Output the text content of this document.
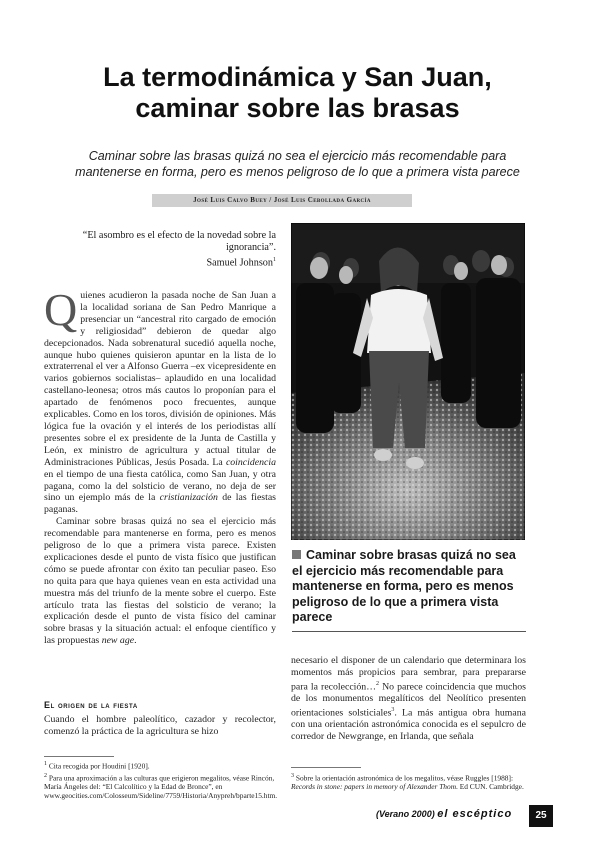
La termodinámica y San Juan,
caminar sobre las brasas
Caminar sobre las brasas quizá no sea el ejercicio más recomendable para
mantenerse en forma, pero es menos peligroso de lo que a primera vista parece
José Luis Calvo Buey / José Luis Cebollada García
“El asombro es el efecto de la novedad sobre la
ignorancia”.
Samuel Johnson$^1$

Quienes acudieron la pasada noche de San Juan a la localidad soriana de San Pedro Manrique a presenciar un “ancestral rito cargado de emoción y religiosidad” debieron de quedar algo decepcionados. Nada sobrenatural sucedió aquella noche, aunque hubo quienes quisieron apuntar en la lista de lo extraterrenal el ver a Alfonso Guerra –ex vicepresidente en varios gobiernos socialistas– aplaudido en una localidad castellano-leonesa; otros más cautos lo proponían para el apartado de fenómenos poco frecuentes, aunque explicables. Como en los toros, división de opiniones. Más lógica fue la ovación y el interés de los periodistas allí presentes sobre el ex presidente de la Junta de Castilla y León, ex ministro de agricultura y actual titular de Administraciones Públicas, Jesús Posada. La coincidencia en el tiempo de una fiesta católica, como San Juan, y otra pagana, como la del solsticio de verano, no deja de ser sino un ejemplo más de la cristianización de las fiestas paganas.

Caminar sobre brasas quizá no sea el ejercicio más recomendable para mantenerse en forma, pero es menos peligroso de lo que a primera vista parece. Existen explicaciones desde el punto de vista físico que justifican cómo se puede afrontar con éxito tan peculiar paseo. Eso no quita para que haya quienes vean en esta actividad una muestra más del triunfo de la mente sobre el cuerpo. Este artículo trata las fiestas del solsticio de verano; la explicación desde el punto de vista físico del caminar sobre brasas y la situación actual: el enfoque científico y las propuestas new age.

El origen de la fiesta

Cuando el hombre paleolítico, cazador y recolector, comenzó la práctica de la agricultura se hizo

Caminar sobre brasas quizá no sea el ejercicio más recomendable para mantenerse en forma, pero es menos peligroso de lo que a primera vista parece

necesario el disponer de un calendario que determinara los momentos más propicios para sembrar, para prepararse para la recolección…$^2$ No parece coincidencia que muchos de los monumentos megalíticos del Neolítico presenten orientaciones solsticiales$^3$. La más antigua obra humana con una orientación astronómica conocida es el sepulcro de corredor de Newgrange, en Irlanda, que señala

$^1$ Cita recogida por Houdini [1920].
$^2$ Para una aproximación a las culturas que erigieron megalitos, véase Rincón, María Ángeles del: “El Calcolítico y la Edad de Bronce”, en www.geocities.com/Colosseum/Sideline/7759/Historia/Anypreh/bparte15.htm.
$^3$ Sobre la orientación astronómica de los megalitos, véase Ruggles [1988]: Records in stone: papers in memory of Alexander Thom. Ed CUN. Cambridge.
(Verano 2000) el escéptico	25
